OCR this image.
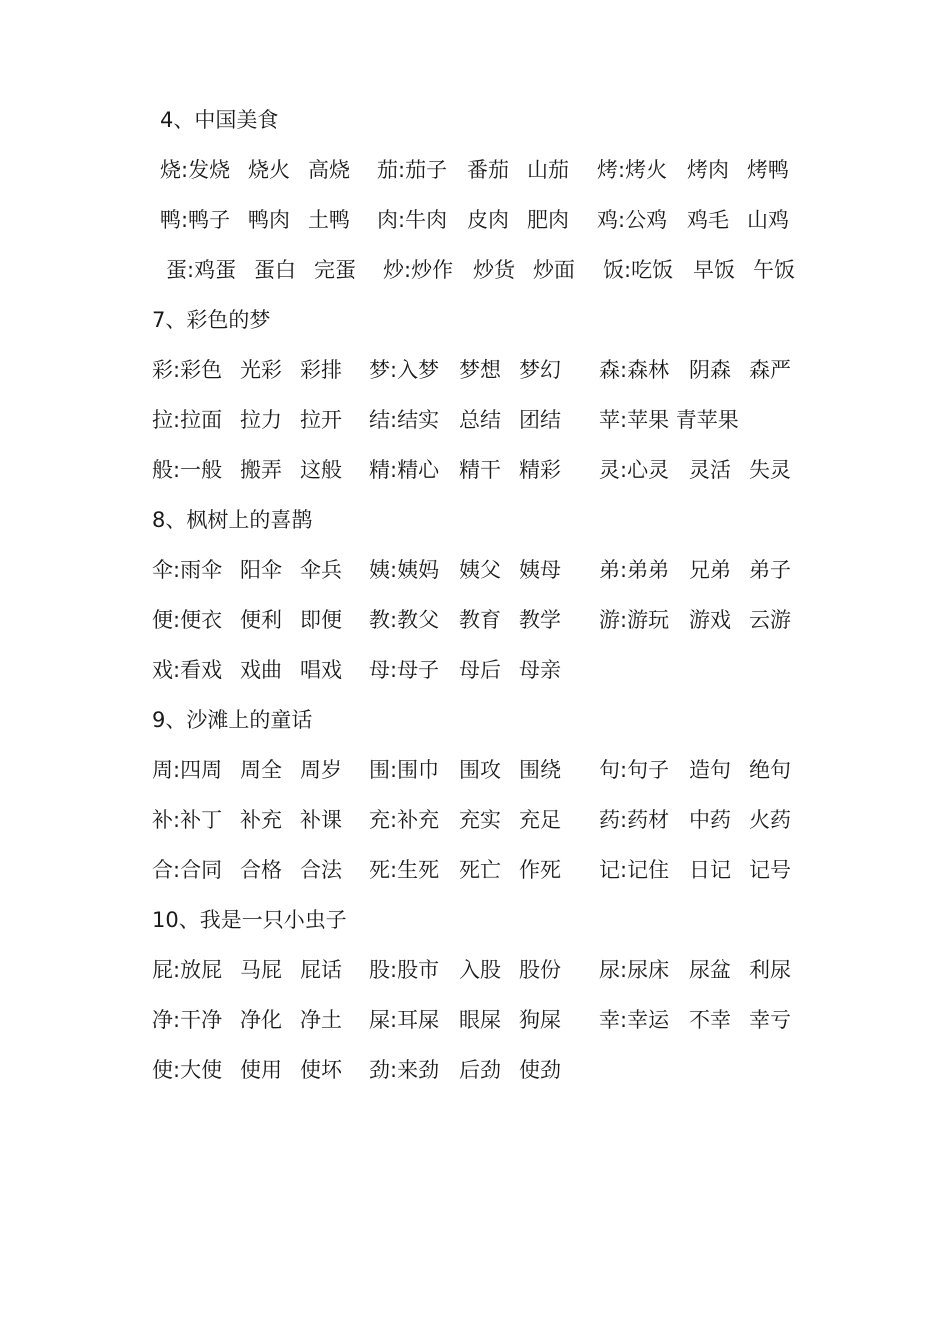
4、中国美食
烧:发烧 烧火 高烧 茄:茄子 番茄 山茄 烤:烤火 烤肉 烤鸭
鸭:鸭子 鸭肉 土鸭 肉:牛肉 皮肉 肥肉 鸡:公鸡 鸡毛 山鸡
蛋:鸡蛋 蛋白 完蛋 炒:炒作 炒货 炒面 饭:吃饭 早饭 午饭
7、彩色的梦
彩:彩色 光彩 彩排 梦:入梦 梦想 梦幻 森:森林 阴森 森严
拉:拉面 拉力 拉开 结:结实 总结 团结 苹:苹果 青苹果
般:一般 搬弄 这般 精:精心 精干 精彩 灵:心灵 灵活 失灵
8、枫树上的喜鹊
伞:雨伞 阳伞 伞兵 姨:姨妈 姨父 姨母 弟:弟弟 兄弟 弟子
便:便衣 便利 即便 教:教父 教育 教学 游:游玩 游戏 云游
戏:看戏 戏曲 唱戏 母:母子 母后 母亲
9、沙滩上的童话
周:四周 周全 周岁 围:围巾 围攻 围绕 句:句子 造句 绝句
补:补丁 补充 补课 充:补充 充实 充足 药:药材 中药 火药
合:合同 合格 合法 死:生死 死亡 作死 记:记住 日记 记号
10、我是一只小虫子
屁:放屁 马屁 屁话 股:股市 入股 股份 尿:尿床 尿盆 利尿
净:干净 净化 净土 屎:耳屎 眼屎 狗屎 幸:幸运 不幸 幸亏
使:大使 使用 使坏 劲:来劲 后劲 使劲
